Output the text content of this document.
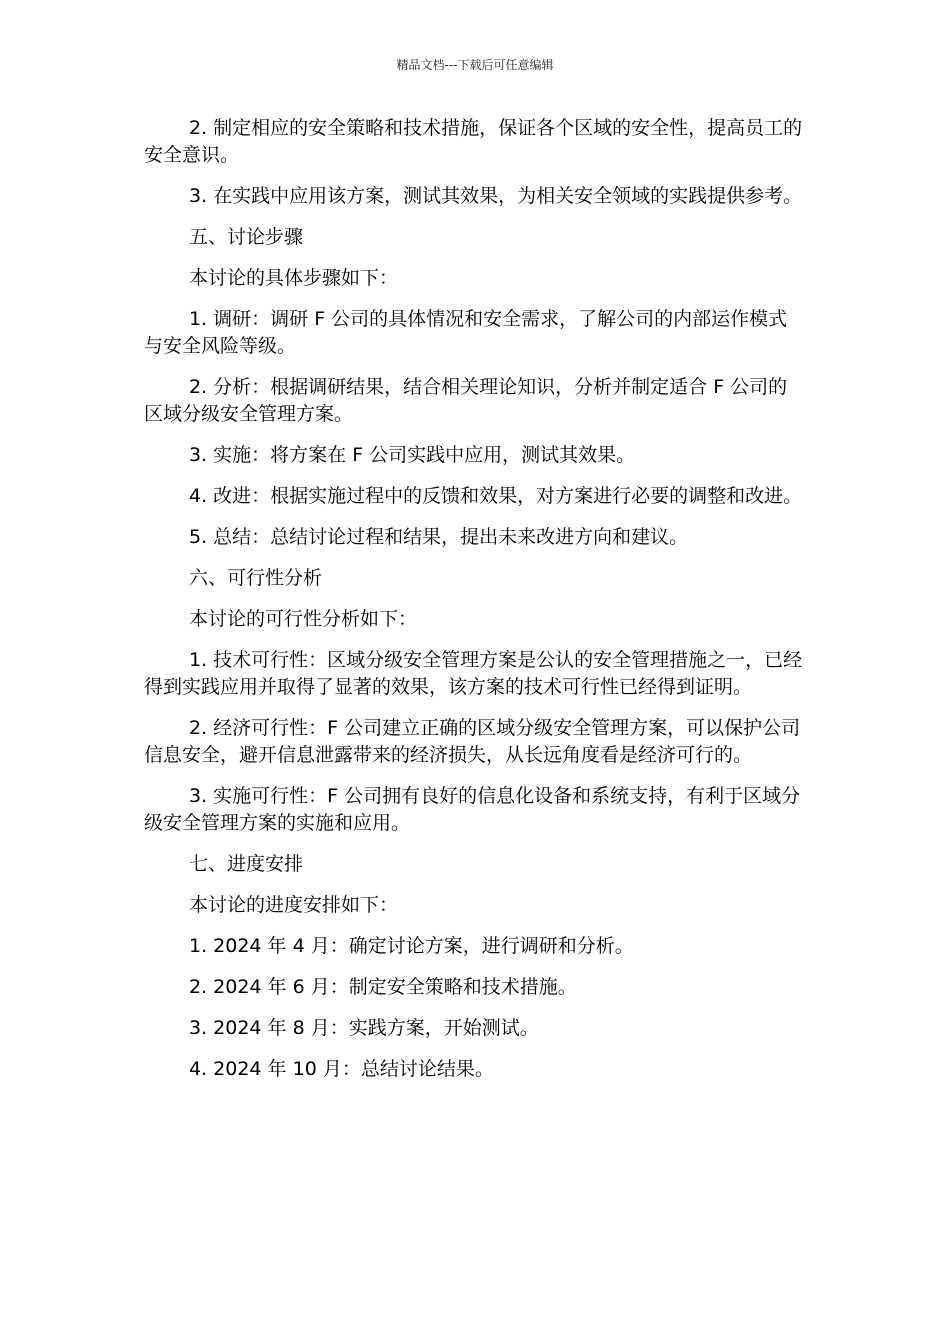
精品文档---下载后可任意编辑

2. 制定相应的安全策略和技术措施，保证各个区域的安全性，提高员工的安全意识。

3. 在实践中应用该方案，测试其效果，为相关安全领域的实践提供参考。

五、讨论步骤

本讨论的具体步骤如下：

1. 调研：调研 F 公司的具体情况和安全需求，了解公司的内部运作模式与安全风险等级。

2. 分析：根据调研结果，结合相关理论知识，分析并制定适合 F 公司的区域分级安全管理方案。

3. 实施：将方案在 F 公司实践中应用，测试其效果。

4. 改进：根据实施过程中的反馈和效果，对方案进行必要的调整和改进。

5. 总结：总结讨论过程和结果，提出未来改进方向和建议。

六、可行性分析

本讨论的可行性分析如下：

1. 技术可行性：区域分级安全管理方案是公认的安全管理措施之一，已经得到实践应用并取得了显著的效果，该方案的技术可行性已经得到证明。

2. 经济可行性：F 公司建立正确的区域分级安全管理方案，可以保护公司信息安全，避开信息泄露带来的经济损失，从长远角度看是经济可行的。

3. 实施可行性：F 公司拥有良好的信息化设备和系统支持，有利于区域分级安全管理方案的实施和应用。

七、进度安排

本讨论的进度安排如下：

1. 2024 年 4 月：确定讨论方案，进行调研和分析。

2. 2024 年 6 月：制定安全策略和技术措施。

3. 2024 年 8 月：实践方案，开始测试。

4. 2024 年 10 月：总结讨论结果。
